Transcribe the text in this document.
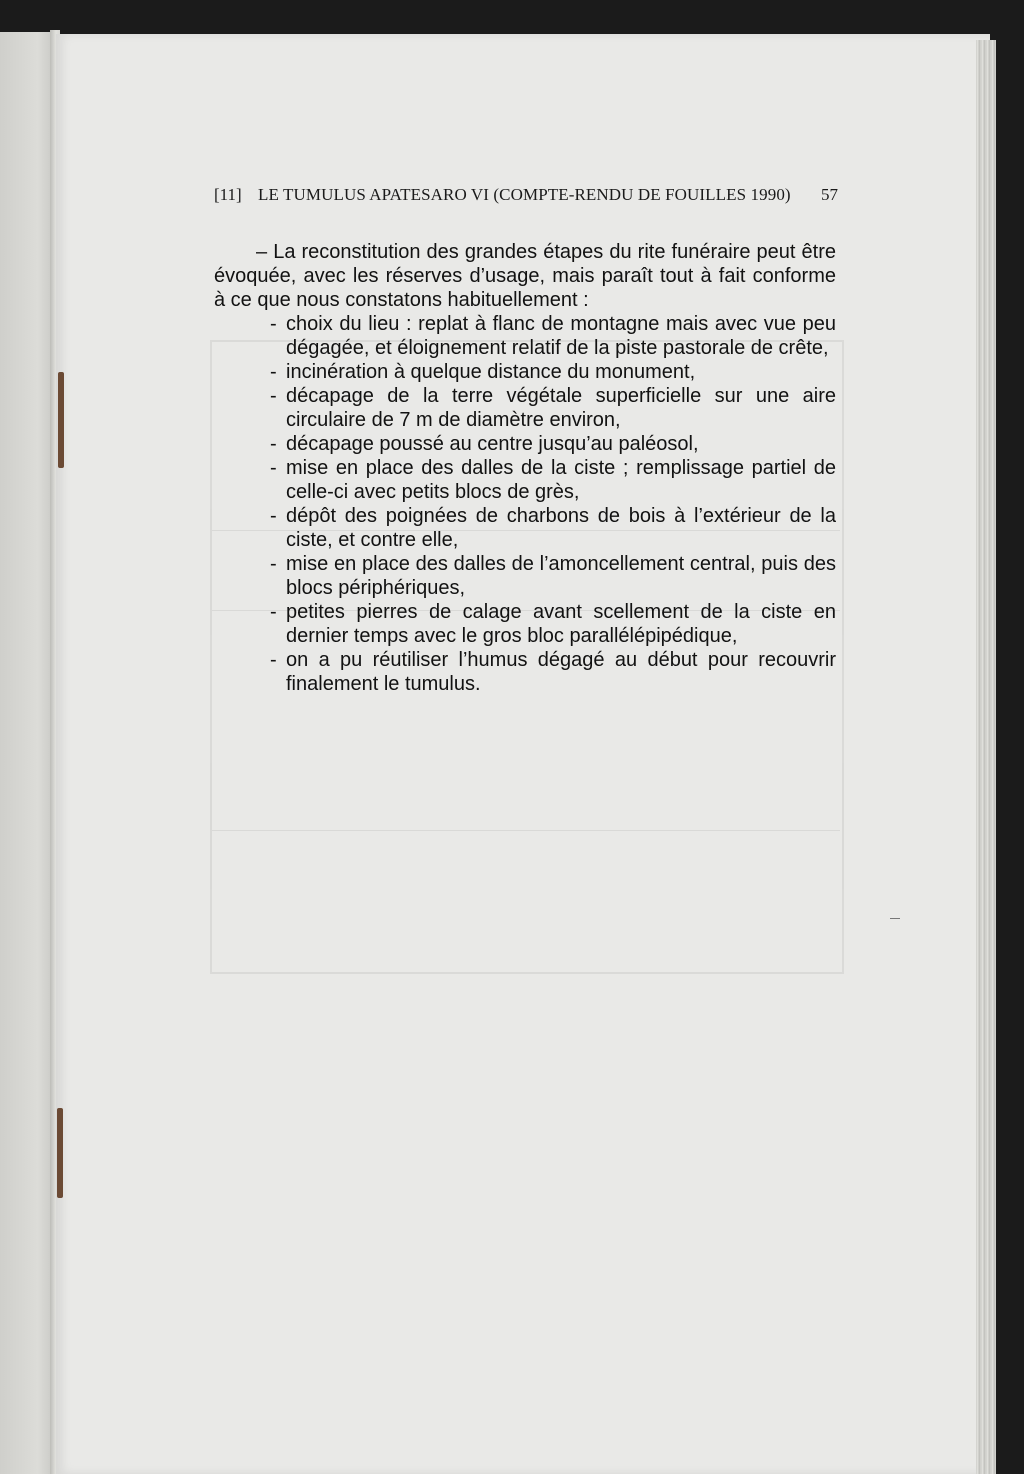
[11] LE TUMULUS APATESARO VI (COMPTE-RENDU DE FOUILLES 1990) 57

– La reconstitution des grandes étapes du rite funéraire peut être évoquée, avec les réserves d’usage, mais paraît tout à fait conforme à ce que nous constatons habituellement :

- choix du lieu : replat à flanc de montagne mais avec vue peu dégagée, et éloignement relatif de la piste pastorale de crête,
- incinération à quelque distance du monument,
- décapage de la terre végétale superficielle sur une aire circulaire de 7 m de diamètre environ,
- décapage poussé au centre jusqu’au paléosol,
- mise en place des dalles de la ciste ; remplissage partiel de celle-ci avec petits blocs de grès,
- dépôt des poignées de charbons de bois à l’extérieur de la ciste, et contre elle,
- mise en place des dalles de l’amoncellement central, puis des blocs périphériques,
- petites pierres de calage avant scellement de la ciste en dernier temps avec le gros bloc parallélépipédique,
- on a pu réutiliser l’humus dégagé au début pour recouvrir finalement le tumulus.
